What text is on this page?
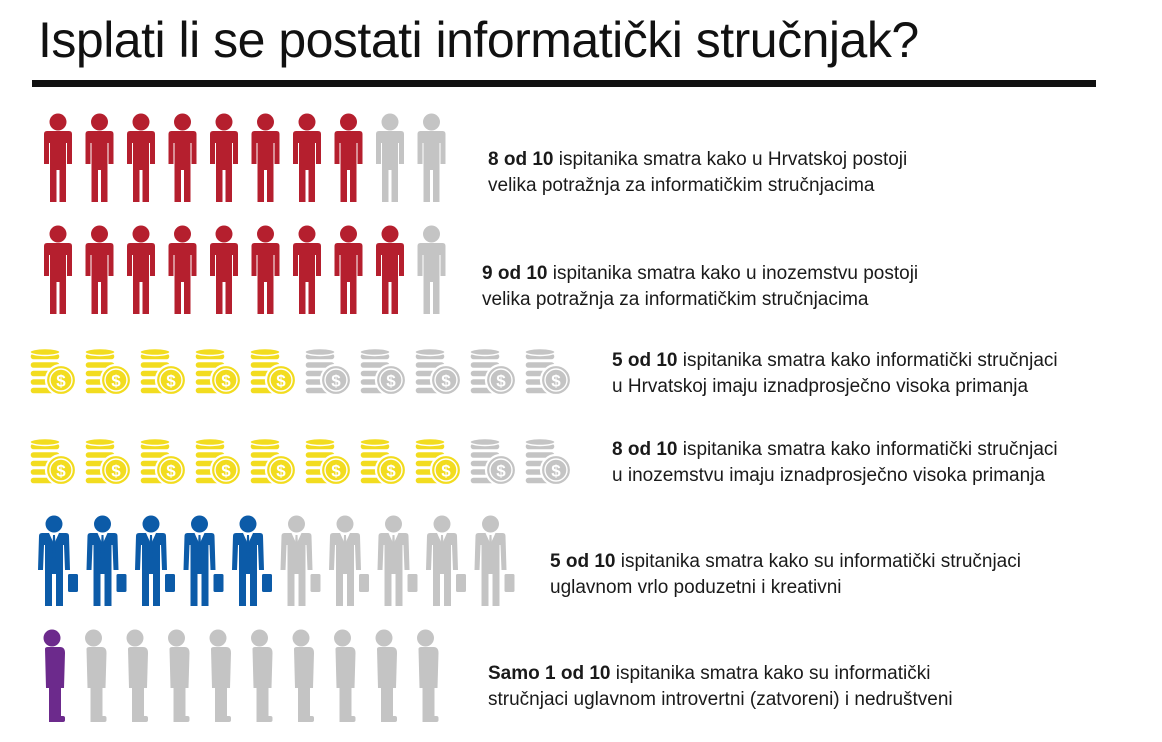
Isplati li se postati informatički stručnjak?
8 od 10 ispitanika smatra kako u Hrvatskoj postoji
velika potražnja za informatičkim stručnjacima
9 od 10 ispitanika smatra kako u inozemstvu postoji
velika potražnja za informatičkim stručnjacima
$	$	$	$	$	$	$	$	$	$
5 od 10 ispitanika smatra kako informatički stručnjaci
u Hrvatskoj imaju iznadprosječno visoka primanja
$	$	$	$	$	$	$	$	$	$
8 od 10 ispitanika smatra kako informatički stručnjaci
u inozemstvu imaju iznadprosječno visoka primanja
5 od 10 ispitanika smatra kako su informatički stručnjaci
uglavnom vrlo poduzetni i kreativni
Samo 1 od 10 ispitanika smatra kako su informatički
stručnjaci uglavnom introvertni (zatvoreni) i nedruštveni
